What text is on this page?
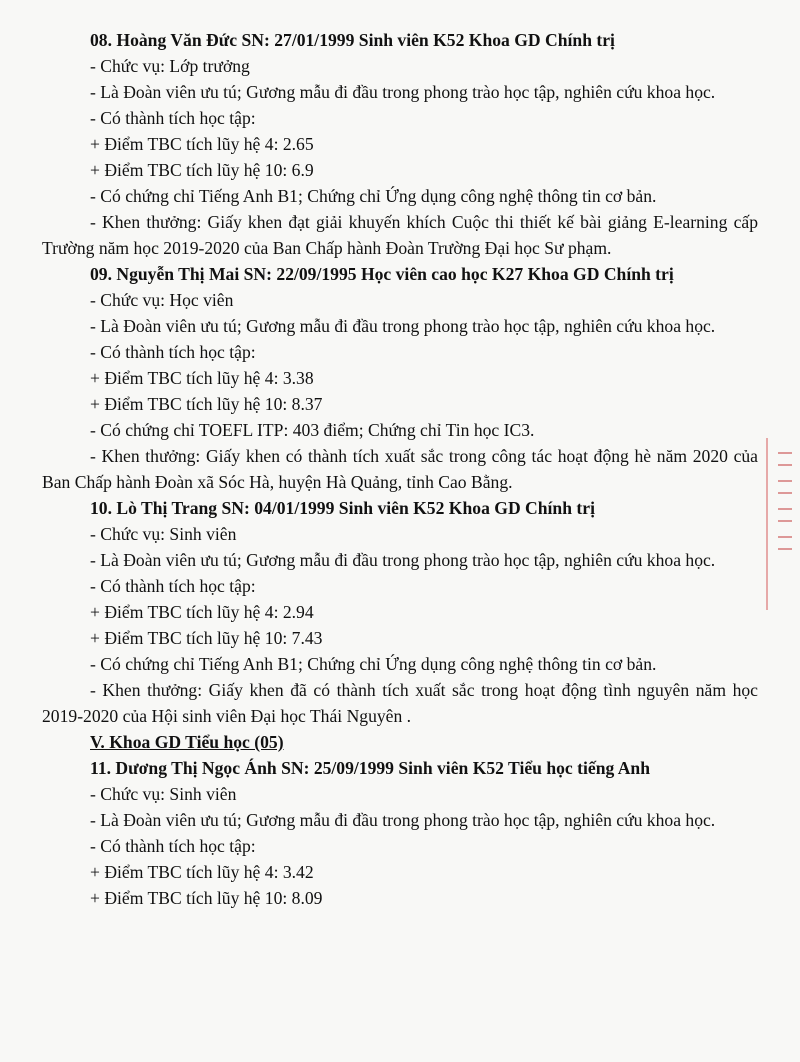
08. Hoàng Văn Đức SN: 27/01/1999 Sinh viên K52 Khoa GD Chính trị

- Chức vụ: Lớp trưởng

- Là Đoàn viên ưu tú; Gương mẫu đi đầu trong phong trào học tập, nghiên cứu khoa học.

- Có thành tích học tập:

+ Điểm TBC tích lũy hệ 4: 2.65

+ Điểm TBC tích lũy hệ 10: 6.9

- Có chứng chỉ Tiếng Anh B1; Chứng chỉ Ứng dụng công nghệ thông tin cơ bản.

- Khen thưởng: Giấy khen đạt giải khuyến khích Cuộc thi thiết kế bài giảng E-learning cấp Trường năm học 2019-2020 của Ban Chấp hành Đoàn Trường Đại học Sư phạm.

09. Nguyễn Thị Mai SN: 22/09/1995 Học viên cao học K27 Khoa GD Chính trị

- Chức vụ: Học viên

- Là Đoàn viên ưu tú; Gương mẫu đi đầu trong phong trào học tập, nghiên cứu khoa học.

- Có thành tích học tập:

+ Điểm TBC tích lũy hệ 4: 3.38

+ Điểm TBC tích lũy hệ 10: 8.37

- Có chứng chỉ TOEFL ITP: 403 điểm; Chứng chỉ Tin học IC3.

- Khen thưởng: Giấy khen có thành tích xuất sắc trong công tác hoạt động hè năm 2020 của Ban Chấp hành Đoàn xã Sóc Hà, huyện Hà Quảng, tỉnh Cao Bằng.

10. Lò Thị Trang SN: 04/01/1999 Sinh viên K52 Khoa GD Chính trị

- Chức vụ: Sinh viên

- Là Đoàn viên ưu tú; Gương mẫu đi đầu trong phong trào học tập, nghiên cứu khoa học.

- Có thành tích học tập:

+ Điểm TBC tích lũy hệ 4: 2.94

+ Điểm TBC tích lũy hệ 10: 7.43

- Có chứng chỉ Tiếng Anh B1; Chứng chỉ Ứng dụng công nghệ thông tin cơ bản.

- Khen thưởng: Giấy khen đã có thành tích xuất sắc trong hoạt động tình nguyên năm học 2019-2020 của Hội sinh viên Đại học Thái Nguyên .

V. Khoa GD Tiểu học (05)

11. Dương Thị Ngọc Ánh SN: 25/09/1999 Sinh viên K52 Tiểu học tiếng Anh

- Chức vụ: Sinh viên

- Là Đoàn viên ưu tú; Gương mẫu đi đầu trong phong trào học tập, nghiên cứu khoa học.

- Có thành tích học tập:

+ Điểm TBC tích lũy hệ 4: 3.42

+ Điểm TBC tích lũy hệ 10: 8.09
